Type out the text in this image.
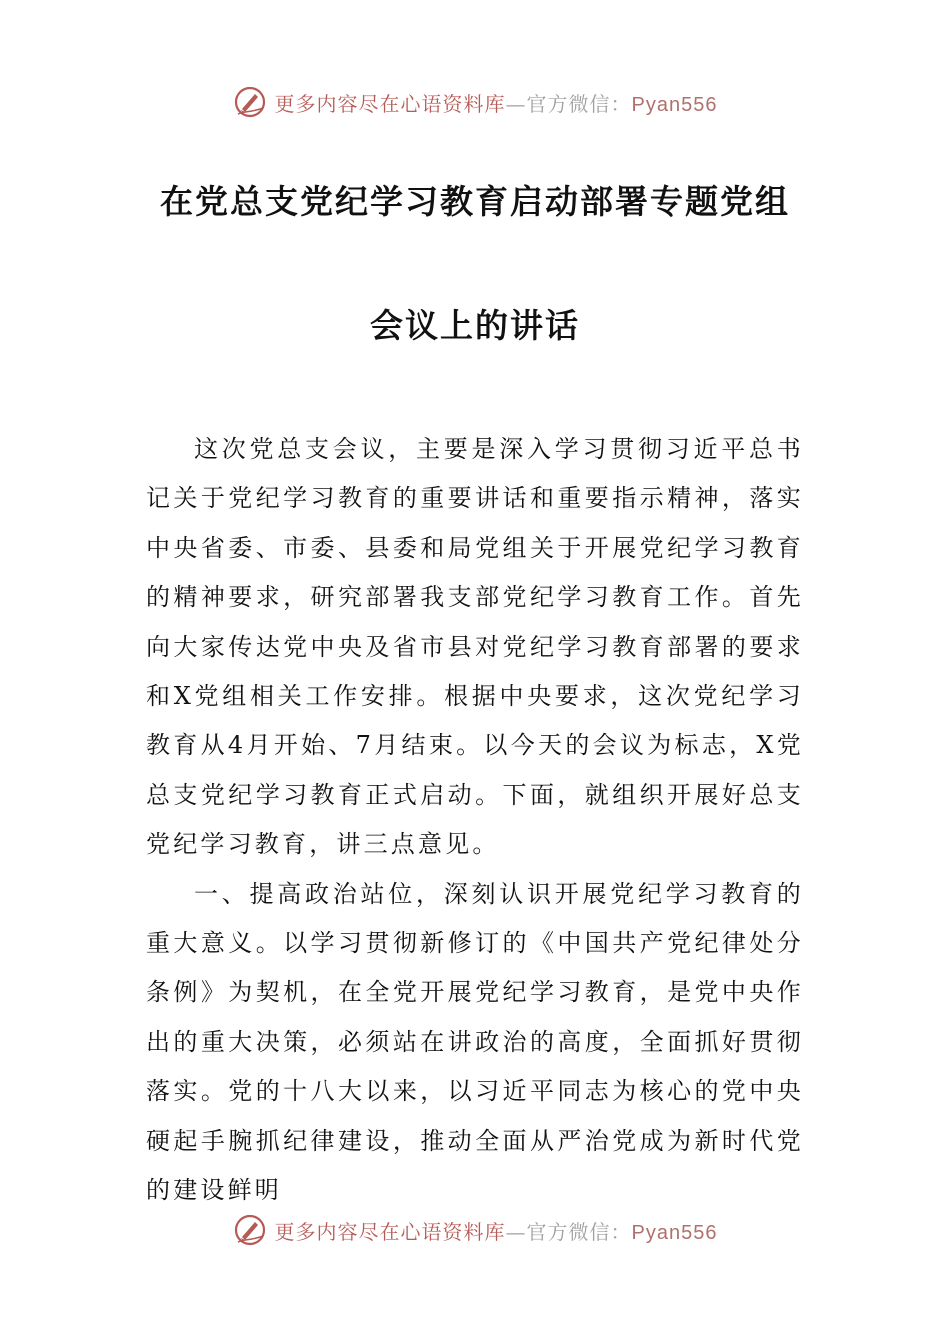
更多内容尽在心语资料库—官方微信：Pyan556
在党总支党纪学习教育启动部署专题党组
会议上的讲话

这次党总支会议，主要是深入学习贯彻习近平总书记关于党纪学习教育的重要讲话和重要指示精神，落实中央省委、市委、县委和局党组关于开展党纪学习教育的精神要求，研究部署我支部党纪学习教育工作。首先向大家传达党中央及省市县对党纪学习教育部署的要求和X党组相关工作安排。根据中央要求，这次党纪学习教育从4月开始、7月结束。以今天的会议为标志，X党总支党纪学习教育正式启动。下面，就组织开展好总支党纪学习教育，讲三点意见。

一、提高政治站位，深刻认识开展党纪学习教育的重大意义。以学习贯彻新修订的《中国共产党纪律处分条例》为契机，在全党开展党纪学习教育，是党中央作出的重大决策，必须站在讲政治的高度，全面抓好贯彻落实。党的十八大以来，以习近平同志为核心的党中央硬起手腕抓纪律建设，推动全面从严治党成为新时代党的建设鲜明

更多内容尽在心语资料库—官方微信：Pyan556
